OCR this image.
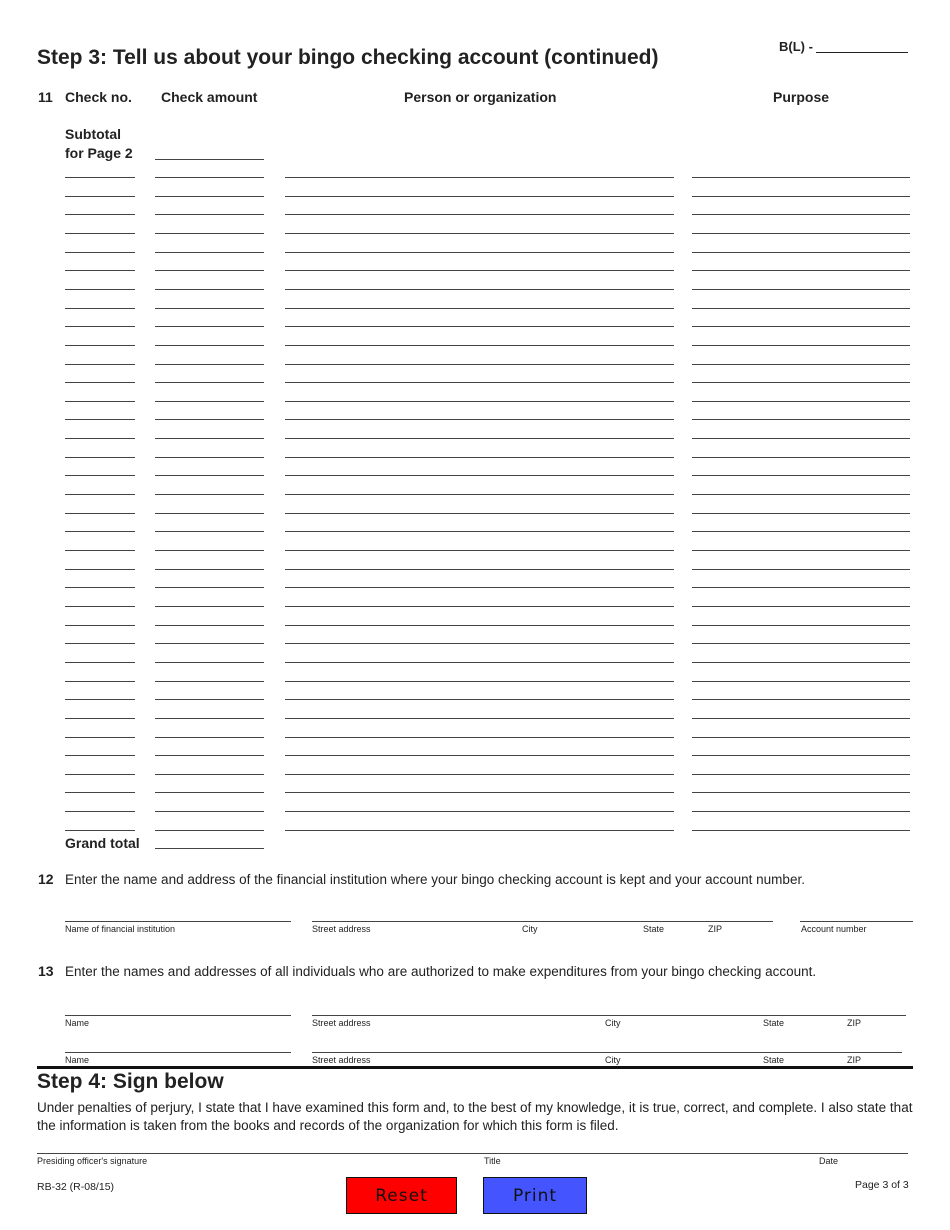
Step 3: Tell us about your bingo checking account (continued)	B(L) -
11 Check no. Check amount	Person or organization	Purpose
Subtotal
for Page 2
Grand total
12 Enter the name and address of the financial institution where your bingo checking account is kept and your account number.
Name of financial institution	Street address	City	State	ZIP	Account number
13 Enter the names and addresses of all individuals who are authorized to make expenditures from your bingo checking account.
Name	Street address	City	State	ZIP
Name	Street address	City	State	ZIP
Step 4: Sign below
Under penalties of perjury, I state that I have examined this form and, to the best of my knowledge, it is true, correct, and complete. I also state that the information is taken from the books and records of the organization for which this form is filed.
Presiding officer's signature	Title	Date
RB-32 (R-08/15)	Reset	Print
Page 3 of 3
